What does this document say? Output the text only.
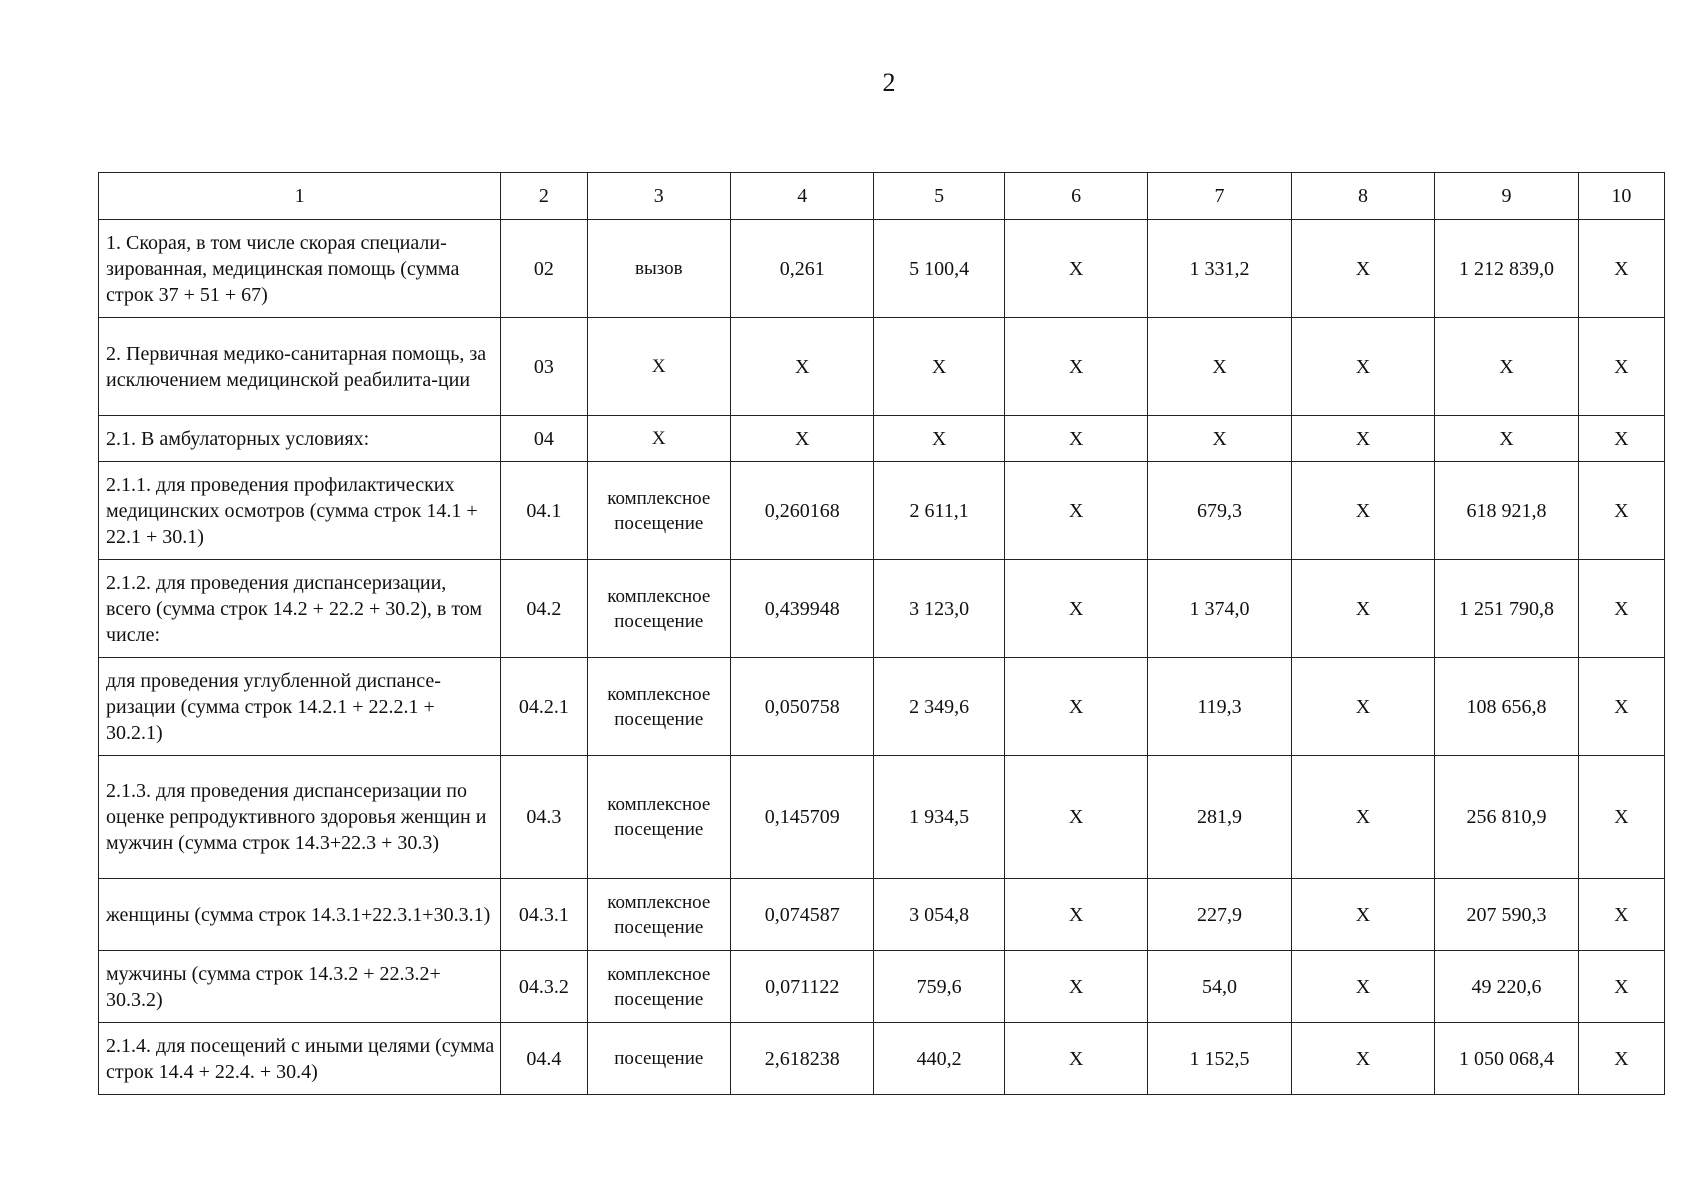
2
1	2	3	4	5	6	7	8	9	10
1. Скорая, в том числе скорая специали-зированная, медицинская помощь (сумма строк 37 + 51 + 67)	02	вызов	0,261	5 100,4	X	1 331,2	X	1 212 839,0	X
2. Первичная медико-санитарная помощь, за исключением медицинской реабилита-ции	03	X	X	X	X	X	X	X	X
2.1. В амбулаторных условиях:	04	X	X	X	X	X	X	X	X
2.1.1. для проведения профилактических медицинских осмотров (сумма строк 14.1 + 22.1 + 30.1)	04.1	комплексное посещение	0,260168	2 611,1	X	679,3	X	618 921,8	X
2.1.2. для проведения диспансеризации, всего (сумма строк 14.2 + 22.2 + 30.2), в том числе:	04.2	комплексное посещение	0,439948	3 123,0	X	1 374,0	X	1 251 790,8	X
для проведения углубленной диспансе-ризации (сумма строк 14.2.1 + 22.2.1 + 30.2.1)	04.2.1	комплексное посещение	0,050758	2 349,6	X	119,3	X	108 656,8	X
2.1.3. для проведения диспансеризации по оценке репродуктивного здоровья женщин и мужчин (сумма строк 14.3+22.3 + 30.3)	04.3	комплексное посещение	0,145709	1 934,5	X	281,9	X	256 810,9	X
женщины (сумма строк 14.3.1+22.3.1+30.3.1)	04.3.1	комплексное посещение	0,074587	3 054,8	X	227,9	X	207 590,3	X
мужчины (сумма строк 14.3.2 + 22.3.2+ 30.3.2)	04.3.2	комплексное посещение	0,071122	759,6	X	54,0	X	49 220,6	X
2.1.4. для посещений с иными целями (сумма строк 14.4 + 22.4. + 30.4)	04.4	посещение	2,618238	440,2	X	1 152,5	X	1 050 068,4	X
